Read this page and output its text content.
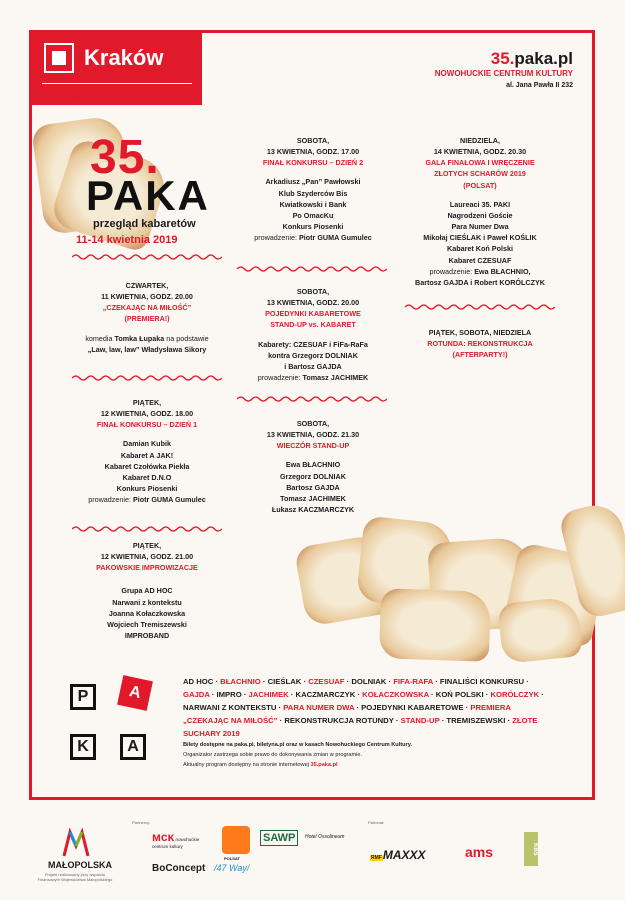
Kraków
MIASTO GOSPODARZ
35.paka.pl
NOWOHUCKIE CENTRUM KULTURY
al. Jana Pawła II 232
35.
PAKA
przegląd kabaretów
11-14 kwietnia 2019
CZWARTEK,
11 KWIETNIA, GODZ. 20.00
„CZEKAJĄC NA MIŁOŚĆ”
(PREMIERA!)
komedia Tomka Łupaka na podstawie
„Law, law, law” Władysława Sikory
PIĄTEK,
12 KWIETNIA, GODZ. 18.00
FINAŁ KONKURSU – DZIEŃ 1
Damian Kubik
Kabaret A JAK!
Kabaret Czołówka Piekła
Kabaret D.N.O
Konkurs Piosenki
prowadzenie: Piotr GUMA Gumulec
PIĄTEK,
12 KWIETNIA, GODZ. 21.00
PAKOWSKIE IMPROWIZACJE
Grupa AD HOC
Narwani z kontekstu
Joanna Kołaczkowska
Wojciech Tremiszewski
IMPROBAND
SOBOTA,
13 KWIETNIA, GODZ. 17.00
FINAŁ KONKURSU – DZIEŃ 2
Arkadiusz „Pan” Pawłowski
Klub Szyderców Bis
Kwiatkowski i Bank
Po OmacKu
Konkurs Piosenki
prowadzenie: Piotr GUMA Gumulec
SOBOTA,
13 KWIETNIA, GODZ. 20.00
POJEDYNKI KABARETOWE
STAND-UP vs. KABARET
Kabarety: CZESUAF i FiFa-RaFa
kontra Grzegorz DOLNIAK
i Bartosz GAJDA
prowadzenie: Tomasz JACHIMEK
SOBOTA,
13 KWIETNIA, GODZ. 21.30
WIECZÓR STAND-UP
Ewa BŁACHNIO
Grzegorz DOLNIAK
Bartosz GAJDA
Tomasz JACHIMEK
Łukasz KACZMARCZYK
NIEDZIELA,
14 KWIETNIA, GODZ. 20.30
GALA FINAŁOWA I WRĘCZENIE
ZŁOTYCH SCHARÓW 2019
(POLSAT)
Laureaci 35. PAKI
Nagrodzeni Goście
Para Numer Dwa
Mikołaj CIEŚLAK i Paweł KOŚLIK
Kabaret Koń Polski
Kabaret CZESUAF
prowadzenie: Ewa BŁACHNIO,
Bartosz GAJDA i Robert KORÓLCZYK
PIĄTEK, SOBOTA, NIEDZIELA
ROTUNDA: REKONSTRUKCJA
(AFTERPARTY!)
P	A
K	A
AD HOC · BŁACHNIO · CIEŚLAK · CZESUAF · DOLNIAK · FIFA-RAFA · FINALIŚCI KONKURSU · GAJDA · IMPRO · JACHIMEK · KACZMARCZYK · KOŁACZKOWSKA · KOŃ POLSKI · KORÓLCZYK · NARWANI Z KONTEKSTU · PARA NUMER DWA · POJEDYNKI KABARETOWE · PREMIERA „CZEKAJĄC NA MIŁOŚĆ” · REKONSTRUKCJA ROTUNDY · STAND-UP · TREMISZEWSKI · ZŁOTE SUCHARY 2019
Bilety dostępne na paka.pl, biletyna.pl oraz w kasach Nowohuckiego Centrum Kultury.
Organizator zastrzega sobie prawo do dokonywania zmian w programie.
Aktualny program dostępny na stronie internetowej 35.paka.pl
MAŁOPOLSKA
Projekt realizowany przy wsparciu Finansowym Województwa Małopolskiego
Partnerzy:
ᴍᴄᴋ nowohuckie centrum kultury
POLSAT
SAWP	Hotel Ossolineum
BoConcept /47 Way/
Patronat:
RMFMAXXX	ams	KBS
